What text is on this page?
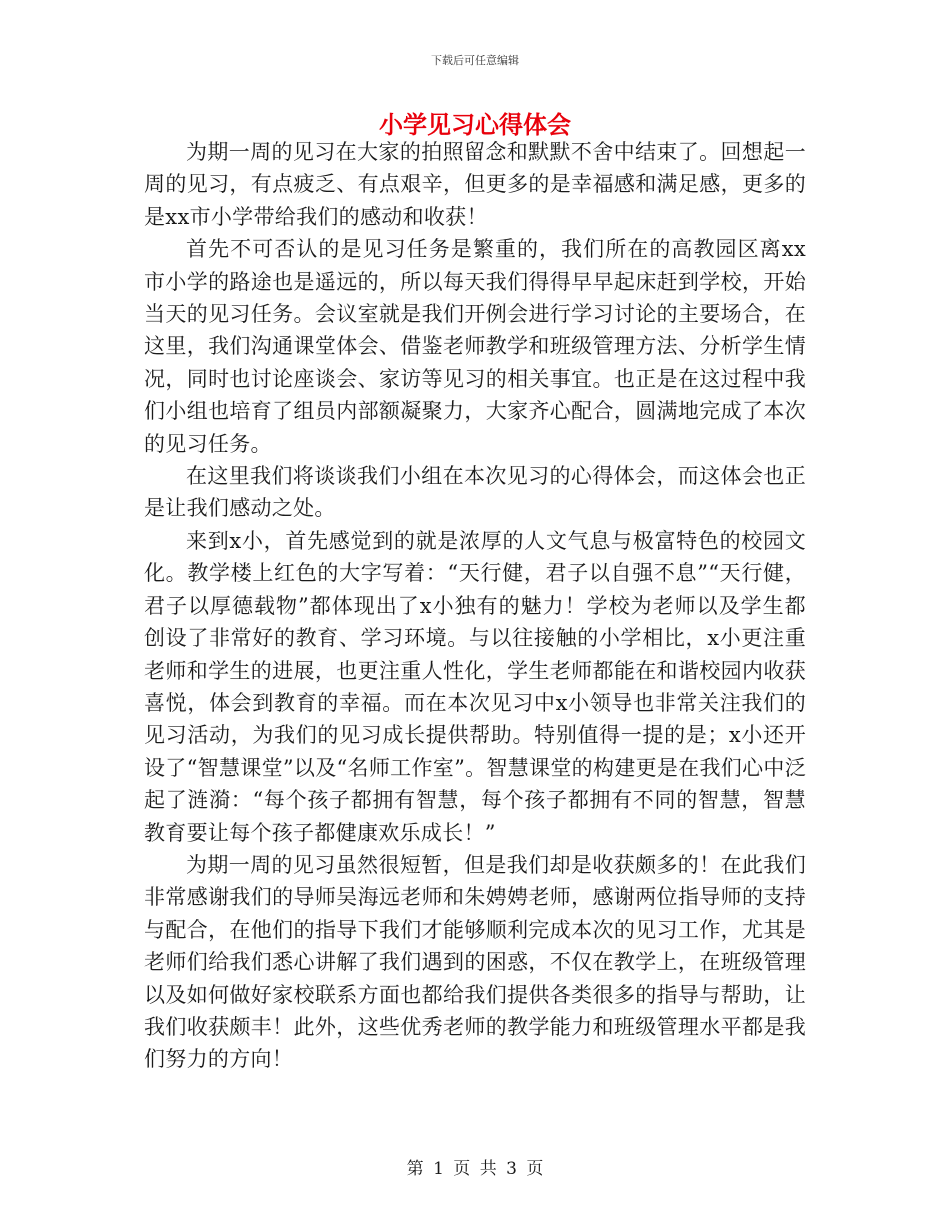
下载后可任意编辑
小学见习心得体会

为期一周的见习在大家的拍照留念和默默不舍中结束了。回想起一周的见习，有点疲乏、有点艰辛，但更多的是幸福感和满足感，更多的是xx市小学带给我们的感动和收获！

首先不可否认的是见习任务是繁重的，我们所在的高教园区离xx市小学的路途也是遥远的，所以每天我们得得早早起床赶到学校，开始当天的见习任务。会议室就是我们开例会进行学习讨论的主要场合，在这里，我们沟通课堂体会、借鉴老师教学和班级管理方法、分析学生情况，同时也讨论座谈会、家访等见习的相关事宜。也正是在这过程中我们小组也培育了组员内部额凝聚力，大家齐心配合，圆满地完成了本次的见习任务。

在这里我们将谈谈我们小组在本次见习的心得体会，而这体会也正是让我们感动之处。

来到x小，首先感觉到的就是浓厚的人文气息与极富特色的校园文化。教学楼上红色的大字写着：“天行健，君子以自强不息”“天行健，君子以厚德载物”都体现出了x小独有的魅力！学校为老师以及学生都创设了非常好的教育、学习环境。与以往接触的小学相比，x小更注重老师和学生的进展，也更注重人性化，学生老师都能在和谐校园内收获喜悦，体会到教育的幸福。而在本次见习中x小领导也非常关注我们的见习活动，为我们的见习成长提供帮助。特别值得一提的是；x小还开设了“智慧课堂”以及“名师工作室”。智慧课堂的构建更是在我们心中泛起了涟漪：“每个孩子都拥有智慧，每个孩子都拥有不同的智慧，智慧教育要让每个孩子都健康欢乐成长！”

为期一周的见习虽然很短暂，但是我们却是收获颇多的！在此我们非常感谢我们的导师吴海远老师和朱娉娉老师，感谢两位指导师的支持与配合，在他们的指导下我们才能够顺利完成本次的见习工作，尤其是老师们给我们悉心讲解了我们遇到的困惑，不仅在教学上，在班级管理以及如何做好家校联系方面也都给我们提供各类很多的指导与帮助，让我们收获颇丰！此外，这些优秀老师的教学能力和班级管理水平都是我们努力的方向！

第 1 页 共 3 页
